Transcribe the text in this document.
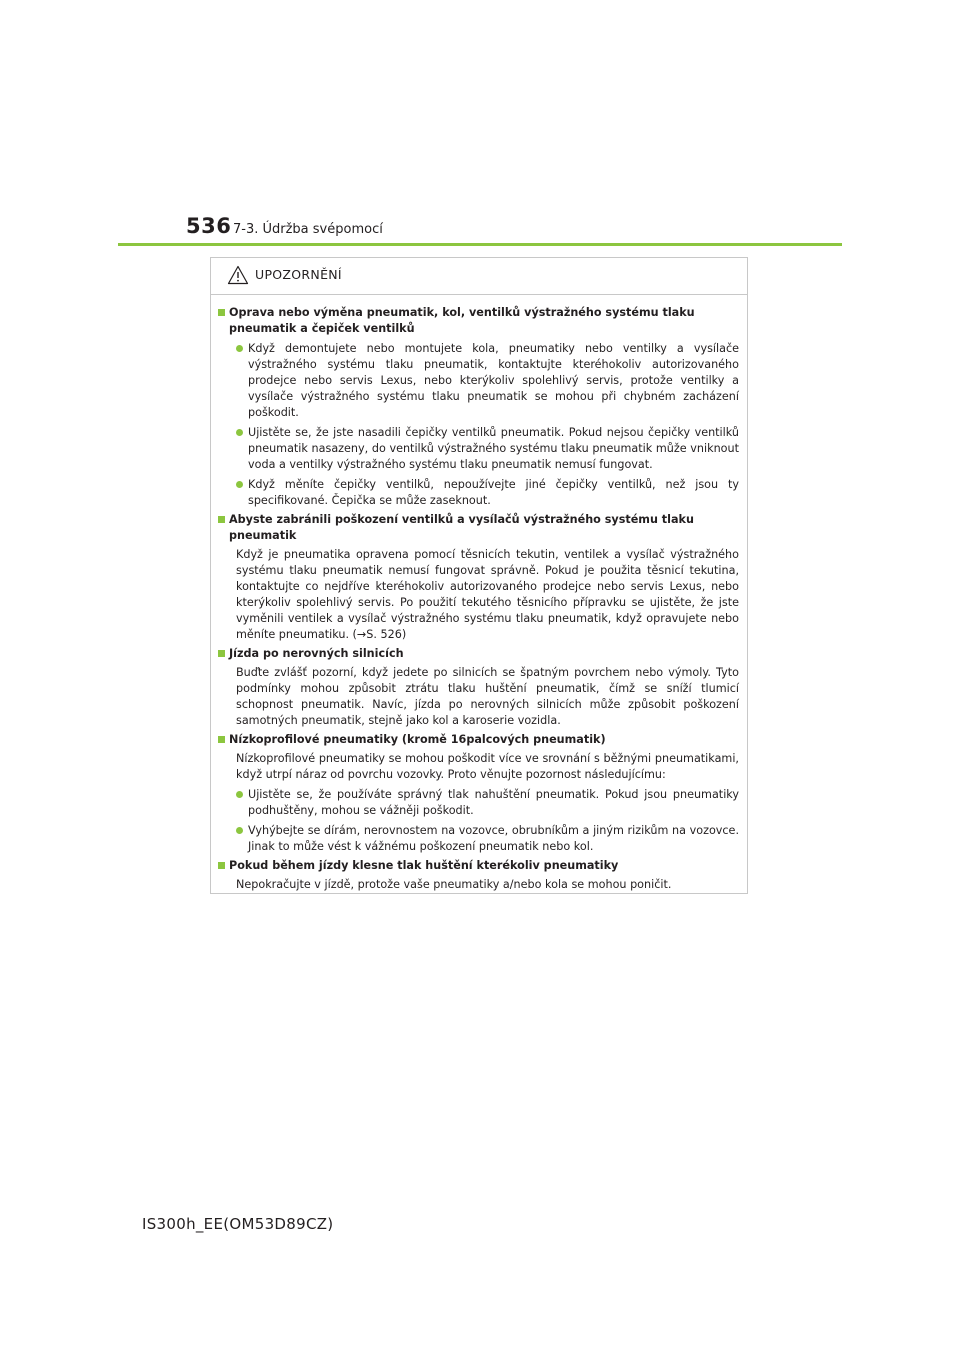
536 7-3. Údržba svépomocí
UPOZORNĚNÍ
Oprava nebo výměna pneumatik, kol, ventilků výstražného systému tlaku pneumatik a čepiček ventilků
Když demontujete nebo montujete kola, pneumatiky nebo ventilky a vysílače výstražného systému tlaku pneumatik, kontaktujte kteréhokoliv autorizovaného prodejce nebo servis Lexus, nebo kterýkoliv spolehlivý servis, protože ventilky a vysílače výstražného systému tlaku pneumatik se mohou při chybném zacházení poškodit.
Ujistěte se, že jste nasadili čepičky ventilků pneumatik. Pokud nejsou čepičky ventilků pneumatik nasazeny, do ventilků výstražného systému tlaku pneumatik může vniknout voda a ventilky výstražného systému tlaku pneumatik nemusí fungovat.
Když měníte čepičky ventilků, nepoužívejte jiné čepičky ventilků, než jsou ty specifikované. Čepička se může zaseknout.
Abyste zabránili poškození ventilků a vysílačů výstražného systému tlaku pneumatik
Když je pneumatika opravena pomocí těsnicích tekutin, ventilek a vysílač výstražného systému tlaku pneumatik nemusí fungovat správně. Pokud je použita těsnicí tekutina, kontaktujte co nejdříve kteréhokoliv autorizovaného prodejce nebo servis Lexus, nebo kterýkoliv spolehlivý servis. Po použití tekutého těsnicího přípravku se ujistěte, že jste vyměnili ventilek a vysílač výstražného systému tlaku pneumatik, když opravujete nebo měníte pneumatiku. (→S. 526)
Jízda po nerovných silnicích
Buďte zvlášť pozorní, když jedete po silnicích se špatným povrchem nebo výmoly. Tyto podmínky mohou způsobit ztrátu tlaku huštění pneumatik, čímž se sníží tlumicí schopnost pneumatik. Navíc, jízda po nerovných silnicích může způsobit poškození samotných pneumatik, stejně jako kol a karoserie vozidla.
Nízkoprofilové pneumatiky (kromě 16palcových pneumatik)
Nízkoprofilové pneumatiky se mohou poškodit více ve srovnání s běžnými pneumatikami, když utrpí náraz od povrchu vozovky. Proto věnujte pozornost následujícímu:
Ujistěte se, že používáte správný tlak nahuštění pneumatik. Pokud jsou pneumatiky podhuštěny, mohou se vážněji poškodit.
Vyhýbejte se dírám, nerovnostem na vozovce, obrubníkům a jiným rizikům na vozovce. Jinak to může vést k vážnému poškození pneumatik nebo kol.
Pokud během jízdy klesne tlak huštění kterékoliv pneumatiky
Nepokračujte v jízdě, protože vaše pneumatiky a/nebo kola se mohou poničit.
IS300h_EE(OM53D89CZ)
